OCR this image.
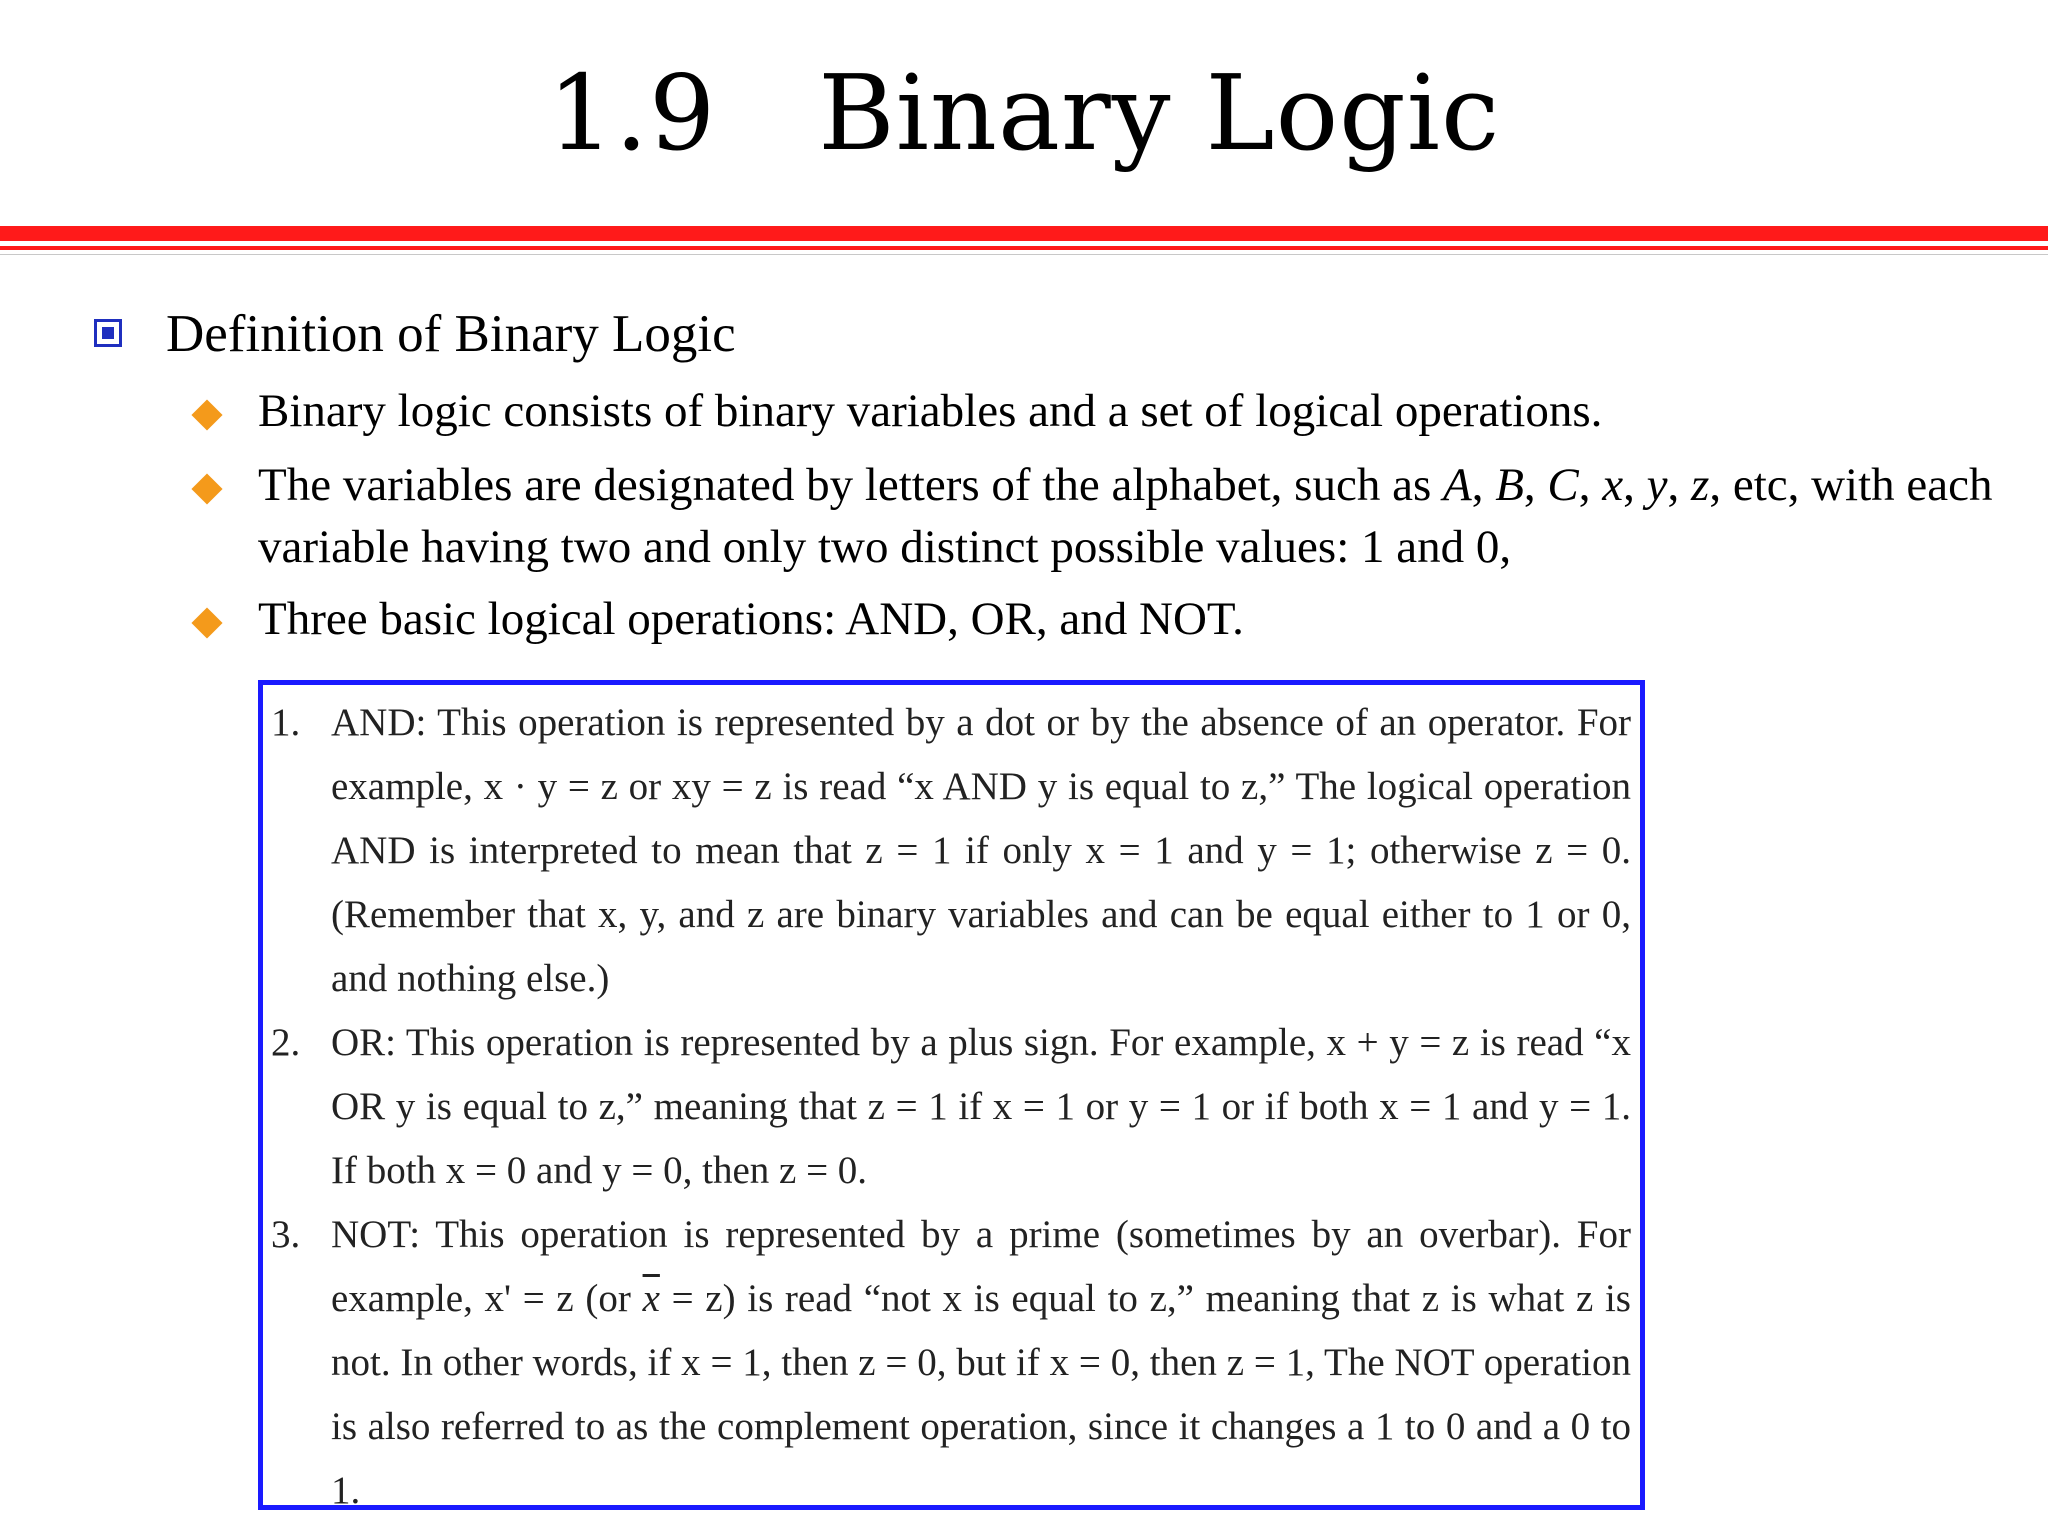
1.9   Binary Logic
Definition of Binary Logic
Binary logic consists of binary variables and a set of logical operations.
The variables are designated by letters of the alphabet, such as A, B, C, x, y, z, etc, with each variable having two and only two distinct possible values: 1 and 0,
Three basic logical operations: AND, OR, and NOT.
1. AND: This operation is represented by a dot or by the absence of an operator. For example, x · y = z or xy = z is read “x AND y is equal to z,” The logical operation AND is interpreted to mean that z = 1 if only x = 1 and y = 1; otherwise z = 0. (Remember that x, y, and z are binary variables and can be equal either to 1 or 0, and nothing else.)
2. OR: This operation is represented by a plus sign. For example, x + y = z is read “x OR y is equal to z,” meaning that z = 1 if x = 1 or y = 1 or if both x = 1 and y = 1. If both x = 0 and y = 0, then z = 0.
3. NOT: This operation is represented by a prime (sometimes by an overbar). For example, x' = z (or $\overline{x} = z$) is read “not x is equal to z,” meaning that z is what z is not. In other words, if x = 1, then z = 0, but if x = 0, then z = 1, The NOT operation is also referred to as the complement operation, since it changes a 1 to 0 and a 0 to 1.
